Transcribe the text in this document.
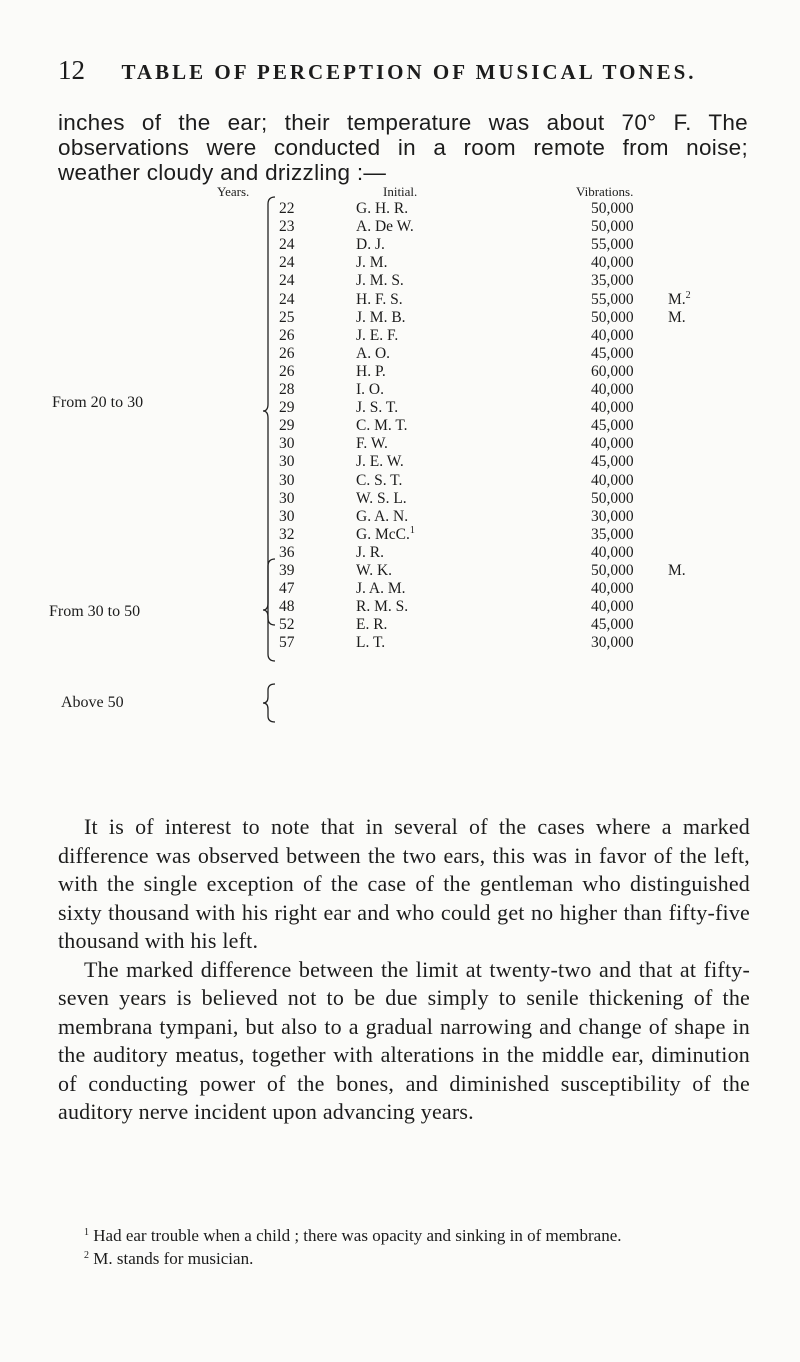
12	TABLE OF PERCEPTION OF MUSICAL TONES.

inches of the ear; their temperature was about 70° F. The

observations were conducted in a room remote from noise;

weather cloudy and drizzling :—

Years.	Initial.	Vibrations.
From 20 to 30
From 30 to 50
Above 50
22	G. H. R.	50,000
23	A. De W.	50,000
24	D. J.	55,000
24	J. M.	40,000
24	J. M. S.	35,000
24	H. F. S.	55,000 M.$^2$
25	J. M. B.	50,000 M.
26	J. E. F.	40,000
26	A. O.	45,000
26	H. P.	60,000
28	I. O.	40,000
29	J. S. T.	40,000
29	C. M. T.	45,000
30	F. W.	40,000
30	J. E. W.	45,000
30	C. S. T.	40,000
30	W. S. L.	50,000
30	G. A. N.	30,000
32	G. McC.$^1$	35,000
36	J. R.	40,000
39	W. K.	50,000 M.
47	J. A. M.	40,000
48	R. M. S.	40,000
52	E. R.	45,000
57	L. T.	30,000

It is of interest to note that in several of the cases where a marked difference was observed between the two ears, this was in favor of the left, with the single exception of the case of the gentleman who distinguished sixty thousand with his right ear and who could get no higher than fifty-five thousand with his left.

The marked difference between the limit at twenty-two and that at fifty-seven years is believed not to be due simply to senile thickening of the membrana tympani, but also to a gradual narrowing and change of shape in the auditory meatus, together with alterations in the middle ear, diminution of conducting power of the bones, and diminished susceptibility of the auditory nerve incident upon advancing years.

$^1$ Had ear trouble when a child ; there was opacity and sinking in of membrane.

$^2$ M. stands for musician.
